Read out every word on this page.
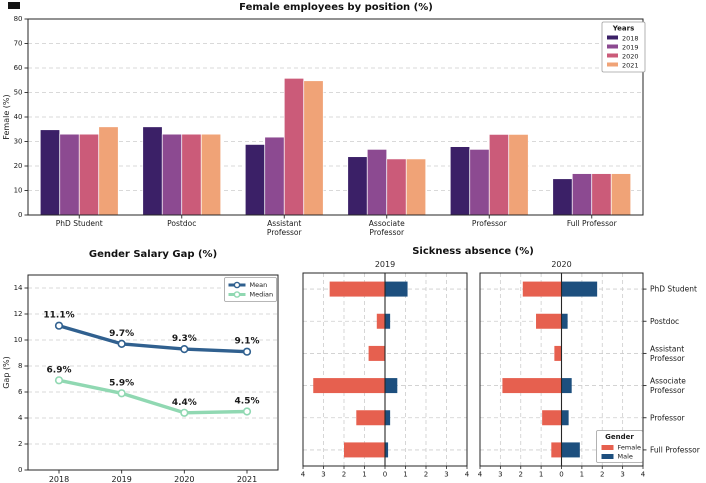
Female employees by position (%)
Gender Salary Gap (%)	Sickness absence (%)
0
10
20
30
40
50
60
70
80
PhD Student	Postdoc	Assistant
Professor
Associate
Professor
Professor	Full Professor
Female (%)
Years
2018
2019
2020
2021
0
2
4
6
8
10
12
14
2018	2019	2020	2021
Gap (%)
11.1%
9.7%
9.3%	9.1%
6.9%
5.9%
4.4%	4.5%
Mean
Median
4 3 2 1 0 1 2 3 4
2019
4 3 2 1 0 1 2 3 4
2020
PhD Student
Postdoc
Assistant
Professor
Associate
Professor
Professor
Full Professor
Gender
Female
Male
